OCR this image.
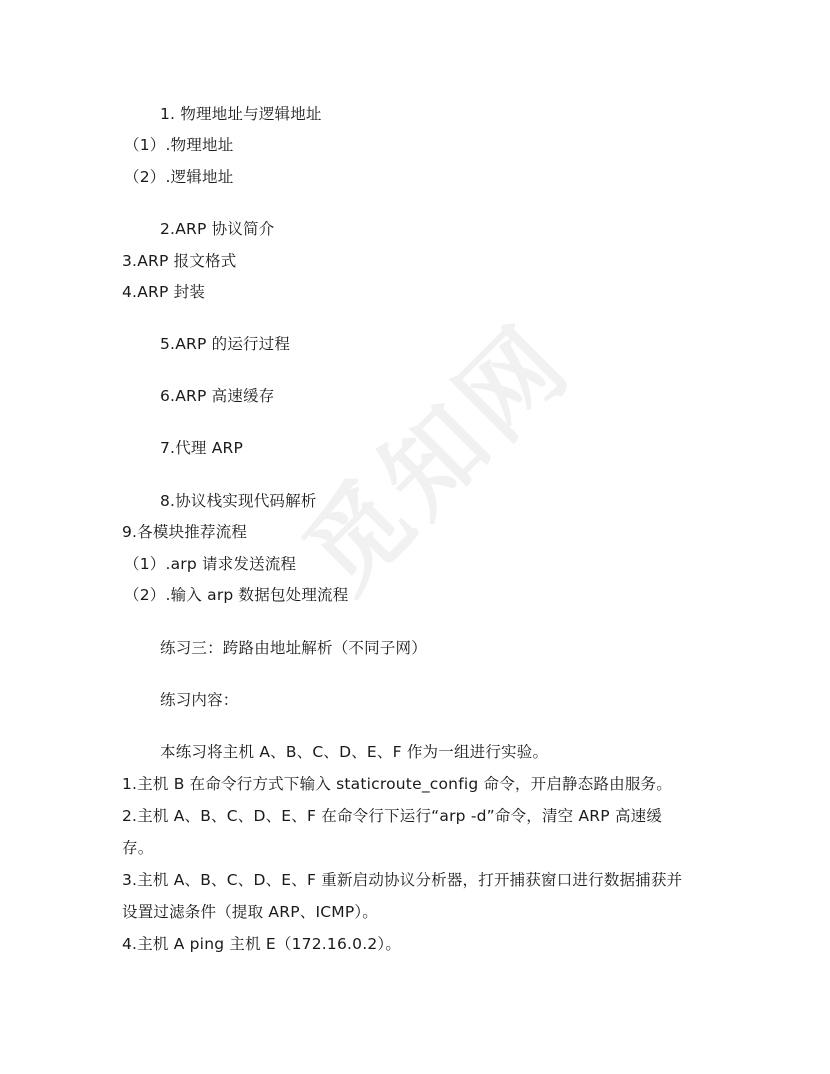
觅知网
1. 物理地址与逻辑地址
（1）.物理地址
（2）.逻辑地址
2.ARP 协议简介
3.ARP 报文格式
4.ARP 封装
5.ARP 的运行过程
6.ARP 高速缓存
7.代理 ARP
8.协议栈实现代码解析
9.各模块推荐流程
（1）.arp 请求发送流程
（2）.输入 arp 数据包处理流程
练习三：跨路由地址解析（不同子网）
练习内容：
本练习将主机 A、B、C、D、E、F 作为一组进行实验。
1.主机 B 在命令行方式下输入 staticroute_config 命令，开启静态路由服务。
2.主机 A、B、C、D、E、F 在命令行下运行“arp -d”命令，清空 ARP 高速缓
存。
3.主机 A、B、C、D、E、F 重新启动协议分析器，打开捕获窗口进行数据捕获并
设置过滤条件（提取 ARP、ICMP）。
4.主机 A ping 主机 E（172.16.0.2）。
